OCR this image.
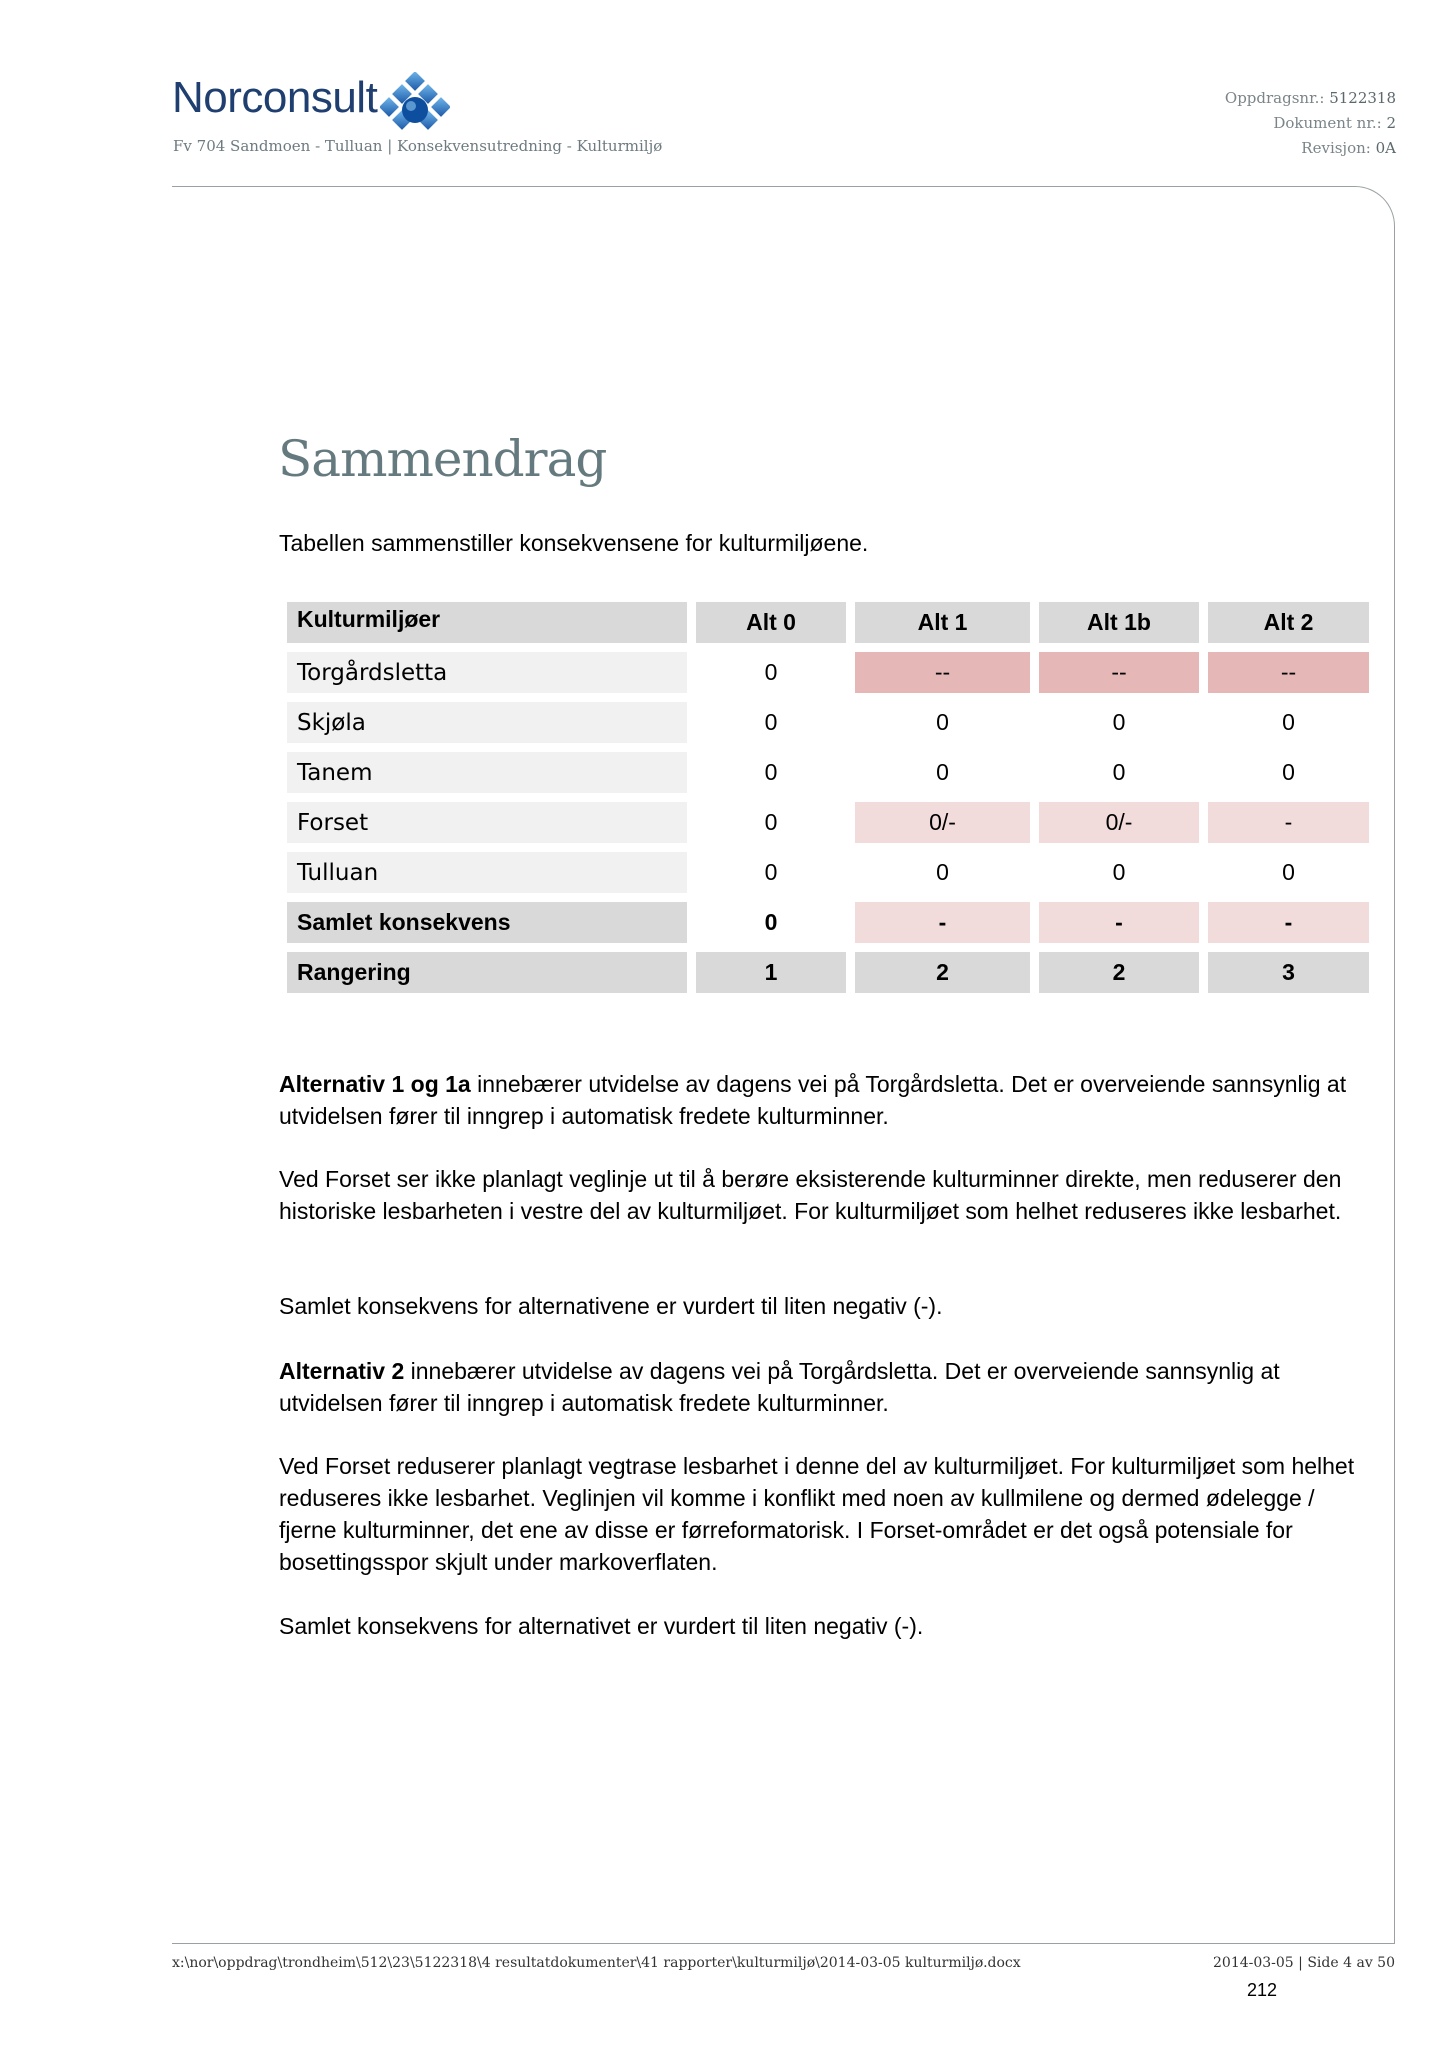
Norconsult
Fv 704 Sandmoen - Tulluan | Konsekvensutredning - Kulturmiljø
Oppdragsnr.: 5122318
Dokument nr.: 2
Revisjon: 0A
Sammendrag
Tabellen sammenstiller konsekvensene for kulturmiljøene.
Kulturmiljøer	Alt 0	Alt 1	Alt 1b	Alt 2
Torgårdsletta	0	--	--	--
Skjøla	0	0	0	0
Tanem	0	0	0	0
Forset	0	0/-	0/-	-
Tulluan	0	0	0	0
Samlet konsekvens	0	-	-	-
Rangering	1	2	2	3

Alternativ 1 og 1a innebærer utvidelse av dagens vei på Torgårdsletta. Det er overveiende sannsynlig at utvidelsen fører til inngrep i automatisk fredete kulturminner.

Ved Forset ser ikke planlagt veglinje ut til å berøre eksisterende kulturminner direkte, men reduserer den historiske lesbarheten i vestre del av kulturmiljøet. For kulturmiljøet som helhet reduseres ikke lesbarhet.

Samlet konsekvens for alternativene er vurdert til liten negativ (-).

Alternativ 2 innebærer utvidelse av dagens vei på Torgårdsletta. Det er overveiende sannsynlig at utvidelsen fører til inngrep i automatisk fredete kulturminner.

Ved Forset reduserer planlagt vegtrase lesbarhet i denne del av kulturmiljøet. For kulturmiljøet som helhet reduseres ikke lesbarhet. Veglinjen vil komme i konflikt med noen av kullmilene og dermed ødelegge / fjerne kulturminner, det ene av disse er førreformatorisk. I Forset-området er det også potensiale for bosettingsspor skjult under markoverflaten.

Samlet konsekvens for alternativet er vurdert til liten negativ (-).

x:\nor\oppdrag\trondheim\512\23\5122318\4 resultatdokumenter\41 rapporter\kulturmiljø\2014-03-05 kulturmiljø.docx	2014-03-05 | Side 4 av 50
212
